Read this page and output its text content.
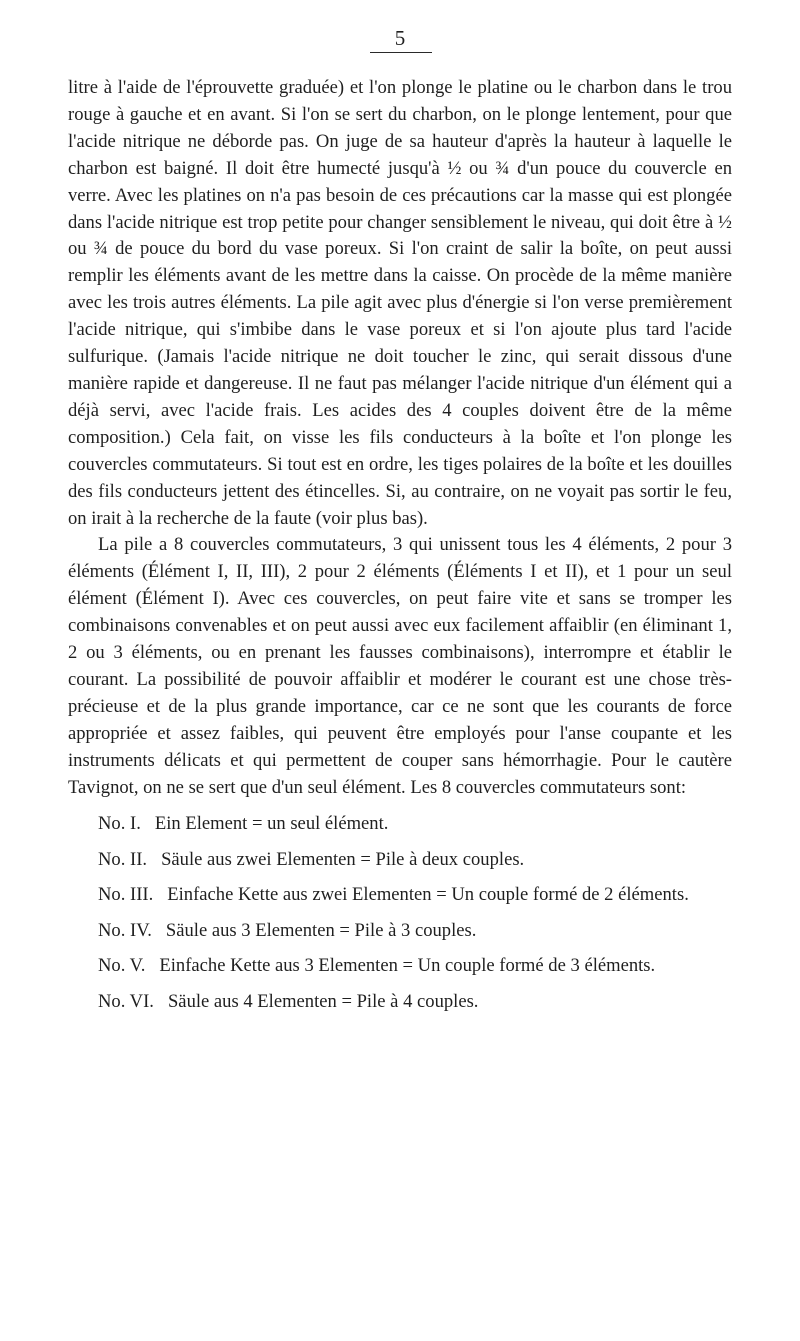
5

litre à l'aide de l'éprouvette graduée) et l'on plonge le platine ou le charbon dans le trou rouge à gauche et en avant. Si l'on se sert du charbon, on le plonge lentement, pour que l'acide nitrique ne déborde pas. On juge de sa hauteur d'après la hauteur à laquelle le charbon est baigné. Il doit être humecté jusqu'à ½ ou ¾ d'un pouce du couvercle en verre. Avec les platines on n'a pas besoin de ces précautions car la masse qui est plongée dans l'acide nitrique est trop petite pour changer sensiblement le niveau, qui doit être à ½ ou ¾ de pouce du bord du vase poreux. Si l'on craint de salir la boîte, on peut aussi remplir les éléments avant de les mettre dans la caisse. On procède de la même manière avec les trois autres éléments. La pile agit avec plus d'énergie si l'on verse premièrement l'acide nitrique, qui s'imbibe dans le vase poreux et si l'on ajoute plus tard l'acide sulfurique. (Jamais l'acide nitrique ne doit toucher le zinc, qui serait dissous d'une manière rapide et dangereuse. Il ne faut pas mélanger l'acide nitrique d'un élément qui a déjà servi, avec l'acide frais. Les acides des 4 couples doivent être de la même composition.) Cela fait, on visse les fils conducteurs à la boîte et l'on plonge les couvercles commutateurs. Si tout est en ordre, les tiges polaires de la boîte et les douilles des fils conducteurs jettent des étincelles. Si, au contraire, on ne voyait pas sortir le feu, on irait à la recherche de la faute (voir plus bas).

La pile a 8 couvercles commutateurs, 3 qui unissent tous les 4 éléments, 2 pour 3 éléments (Élément I, II, III), 2 pour 2 éléments (Éléments I et II), et 1 pour un seul élément (Élément I). Avec ces couvercles, on peut faire vite et sans se tromper les combinaisons convenables et on peut aussi avec eux facilement affaiblir (en éliminant 1, 2 ou 3 éléments, ou en prenant les fausses combinaisons), interrompre et établir le courant. La possibilité de pouvoir affaiblir et modérer le courant est une chose très-précieuse et de la plus grande importance, car ce ne sont que les courants de force appropriée et assez faibles, qui peuvent être employés pour l'anse coupante et les instruments délicats et qui permettent de couper sans hémorrhagie. Pour le cautère Tavignot, on ne se sert que d'un seul élément. Les 8 couvercles commutateurs sont:

No. I. Ein Element = un seul élément.
No. II. Säule aus zwei Elementen = Pile à deux couples.
No. III. Einfache Kette aus zwei Elementen = Un couple formé de 2 éléments.
No. IV. Säule aus 3 Elementen = Pile à 3 couples.
No. V. Einfache Kette aus 3 Elementen = Un couple formé de 3 éléments.
No. VI. Säule aus 4 Elementen = Pile à 4 couples.
